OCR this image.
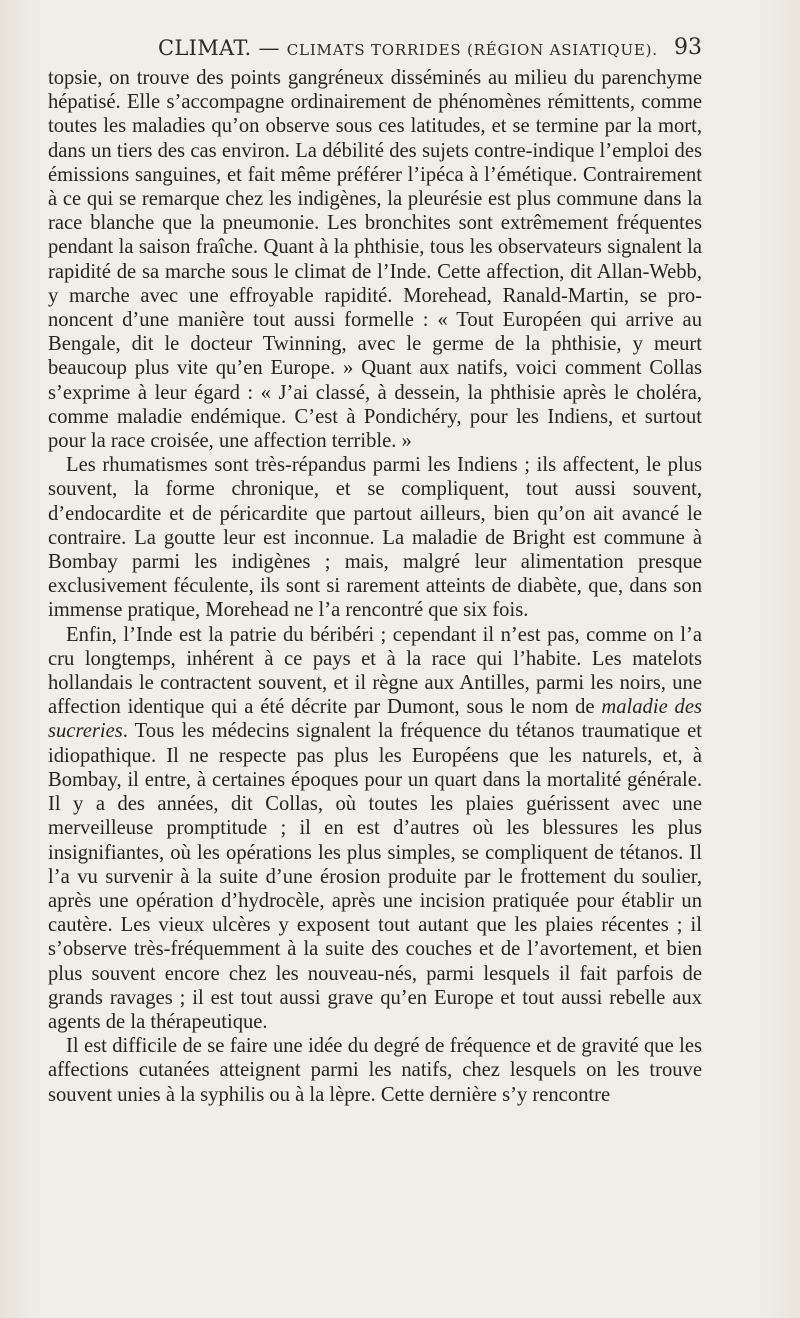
CLIMAT. — CLIMATS TORRIDES (RÉGION ASIATIQUE). 93

topsie, on trouve des points gangréneux disséminés au milieu du parenchyme hépatisé. Elle s’accompagne ordinairement de phénomènes rémittents, comme toutes les maladies qu’on observe sous ces latitudes, et se termine par la mort, dans un tiers des cas environ. La débilité des sujets contre-indique l’emploi des émissions sanguines, et fait même préférer l’ipéca à l’émétique. Contrairement à ce qui se remarque chez les indigènes, la pleurésie est plus commune dans la race blanche que la pneumonie. Les bronchites sont extrêmement fréquentes pendant la saison fraîche. Quant à la phthisie, tous les observateurs signalent la rapidité de sa marche sous le climat de l’Inde. Cette affection, dit Allan-Webb, y marche avec une effroyable rapidité. Morehead, Ranald-Martin, se prononcent d’une manière tout aussi formelle : « Tout Européen qui arrive au Bengale, dit le docteur Twinning, avec le germe de la phthisie, y meurt beaucoup plus vite qu’en Europe. » Quant aux natifs, voici comment Collas s’exprime à leur égard : « J’ai classé, à dessein, la phthisie après le choléra, comme maladie endémique. C’est à Pondichéry, pour les Indiens, et surtout pour la race croisée, une affection terrible. »

Les rhumatismes sont très-répandus parmi les Indiens ; ils affectent, le plus souvent, la forme chronique, et se compliquent, tout aussi souvent, d’endocardite et de péricardite que partout ailleurs, bien qu’on ait avancé le contraire. La goutte leur est inconnue. La maladie de Bright est commune à Bombay parmi les indigènes ; mais, malgré leur alimentation presque exclusivement féculente, ils sont si rarement atteints de diabète, que, dans son immense pratique, Morehead ne l’a rencontré que six fois.

Enfin, l’Inde est la patrie du béribéri ; cependant il n’est pas, comme on l’a cru longtemps, inhérent à ce pays et à la race qui l’habite. Les matelots hollandais le contractent souvent, et il règne aux Antilles, parmi les noirs, une affection identique qui a été décrite par Dumont, sous le nom de maladie des sucreries. Tous les médecins signalent la fréquence du tétanos traumatique et idiopathique. Il ne respecte pas plus les Européens que les naturels, et, à Bombay, il entre, à certaines époques pour un quart dans la mortalité générale. Il y a des années, dit Collas, où toutes les plaies guérissent avec une merveilleuse promptitude ; il en est d’autres où les blessures les plus insignifiantes, où les opérations les plus simples, se compliquent de tétanos. Il l’a vu survenir à la suite d’une érosion produite par le frottement du soulier, après une opération d’hydrocèle, après une incision pratiquée pour établir un cautère. Les vieux ulcères y exposent tout autant que les plaies récentes ; il s’observe très-fréquemment à la suite des couches et de l’avortement, et bien plus souvent encore chez les nouveau-nés, parmi lesquels il fait parfois de grands ravages ; il est tout aussi grave qu’en Europe et tout aussi rebelle aux agents de la thérapeutique.

Il est difficile de se faire une idée du degré de fréquence et de gravité que les affections cutanées atteignent parmi les natifs, chez lesquels on les trouve souvent unies à la syphilis ou à la lèpre. Cette dernière s’y rencontre
